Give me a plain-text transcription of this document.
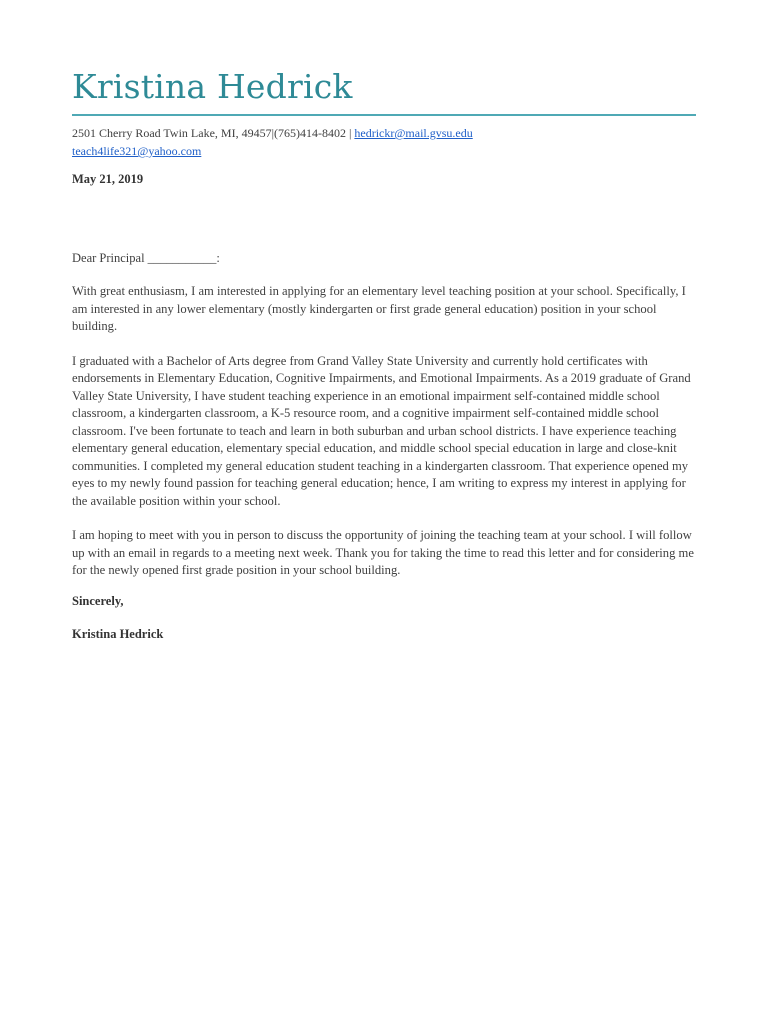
Kristina Hedrick
2501 Cherry Road Twin Lake, MI, 49457|(765)414-8402 | hedrickr@mail.gvsu.edu
teach4life321@yahoo.com
May 21, 2019
Dear Principal ___________:
With great enthusiasm, I am interested in applying for an elementary level teaching position at your school. Specifically, I am interested in any lower elementary (mostly kindergarten or first grade general education) position in your school building.
I graduated with a Bachelor of Arts degree from Grand Valley State University and currently hold certificates with endorsements in Elementary Education, Cognitive Impairments, and Emotional Impairments. As a 2019 graduate of Grand Valley State University, I have student teaching experience in an emotional impairment self-contained middle school classroom, a kindergarten classroom, a K-5 resource room, and a cognitive impairment self-contained middle school classroom. I've been fortunate to teach and learn in both suburban and urban school districts. I have experience teaching elementary general education, elementary special education, and middle school special education in large and close-knit communities. I completed my general education student teaching in a kindergarten classroom. That experience opened my eyes to my newly found passion for teaching general education; hence, I am writing to express my interest in applying for the available position within your school.
I am hoping to meet with you in person to discuss the opportunity of joining the teaching team at your school. I will follow up with an email in regards to a meeting next week. Thank you for taking the time to read this letter and for considering me for the newly opened first grade position in your school building.
Sincerely,
Kristina Hedrick
